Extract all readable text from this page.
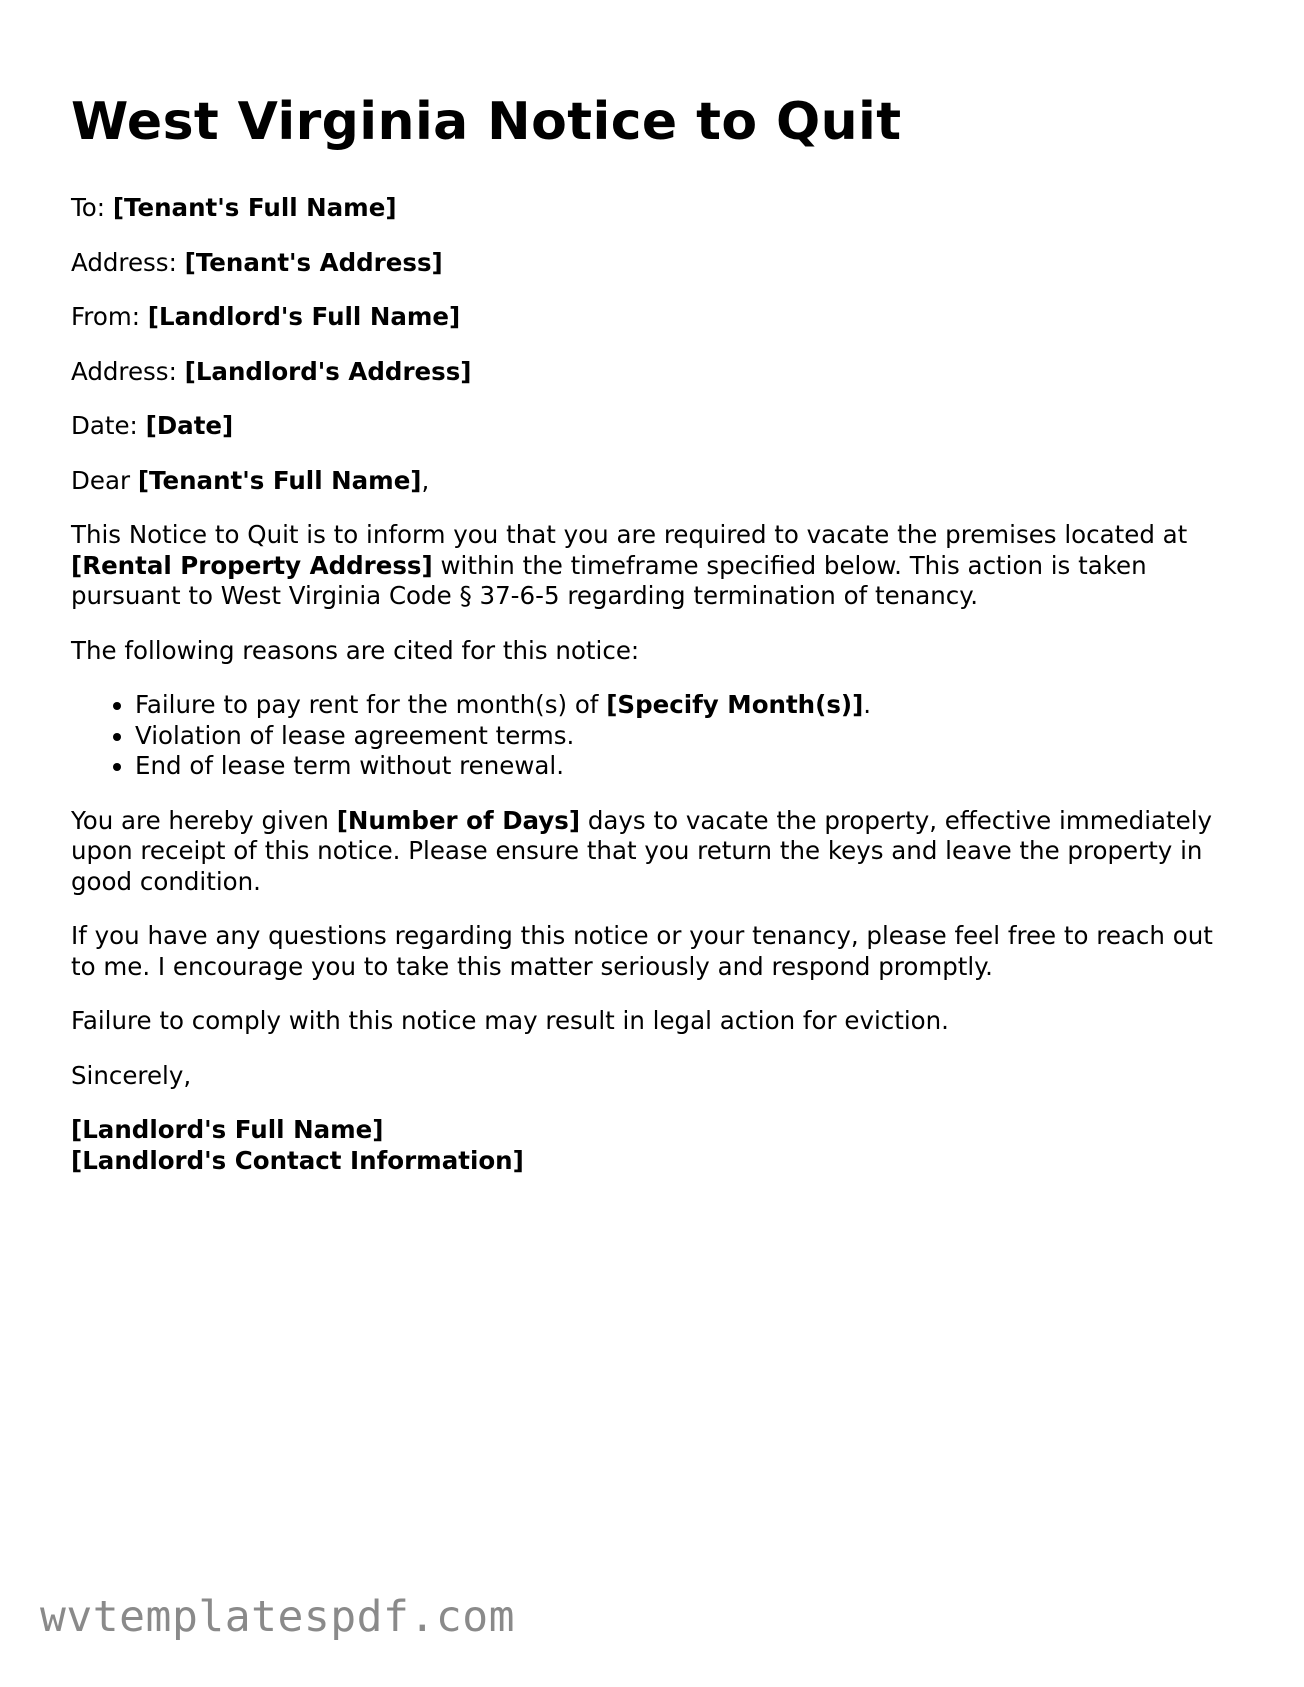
West Virginia Notice to Quit

To: [Tenant's Full Name]

Address: [Tenant's Address]

From: [Landlord's Full Name]

Address: [Landlord's Address]

Date: [Date]

Dear [Tenant's Full Name],

This Notice to Quit is to inform you that you are required to vacate the premises located at [Rental Property Address] within the timeframe specified below. This action is taken pursuant to West Virginia Code § 37-6-5 regarding termination of tenancy.

The following reasons are cited for this notice:

• Failure to pay rent for the month(s) of [Specify Month(s)].
• Violation of lease agreement terms.
• End of lease term without renewal.

You are hereby given [Number of Days] days to vacate the property, effective immediately upon receipt of this notice. Please ensure that you return the keys and leave the property in good condition.

If you have any questions regarding this notice or your tenancy, please feel free to reach out to me. I encourage you to take this matter seriously and respond promptly.

Failure to comply with this notice may result in legal action for eviction.

Sincerely,

[Landlord's Full Name]
[Landlord's Contact Information]

wvtemplatespdf.com
